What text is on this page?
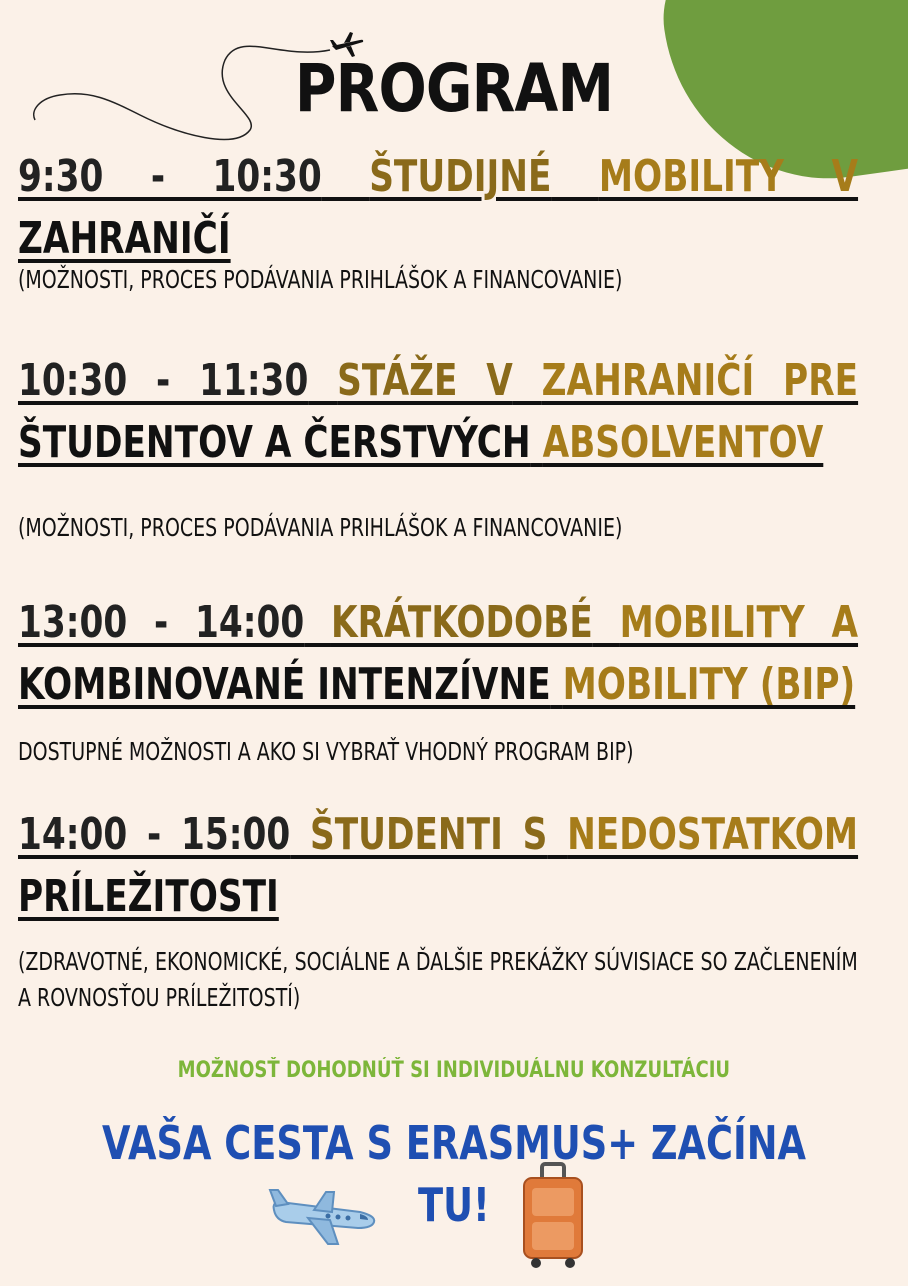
PROGRAM
9:30 - 10:30 ŠTUDIJNÉ MOBILITY V ZAHRANIČÍ
(MOŽNOSTI, PROCES PODÁVANIA PRIHLÁŠOK A FINANCOVANIE)
10:30 - 11:30 STÁŽE V ZAHRANIČÍ PRE ŠTUDENTOV A ČERSTVÝCH ABSOLVENTOV
(MOŽNOSTI, PROCES PODÁVANIA PRIHLÁŠOK A FINANCOVANIE)
13:00 - 14:00 KRÁTKODOBÉ MOBILITY A KOMBINOVANÉ INTENZÍVNE MOBILITY (BIP)
DOSTUPNÉ MOŽNOSTI A AKO SI VYBRAŤ VHODNÝ PROGRAM BIP)
14:00 - 15:00 ŠTUDENTI S NEDOSTATKOM PRÍLEŽITOSTI
(ZDRAVOTNÉ, EKONOMICKÉ, SOCIÁLNE A ĎALŠIE PREKÁŽKY SÚVISIACE SO ZAČLENENÍM A ROVNOSŤOU PRÍLEŽITOSTÍ)
MOŽNOSŤ DOHODNÚŤ SI INDIVIDUÁLNU KONZULTÁCIU
VAŠA CESTA S ERASMUS+ ZAČÍNA
TU!
